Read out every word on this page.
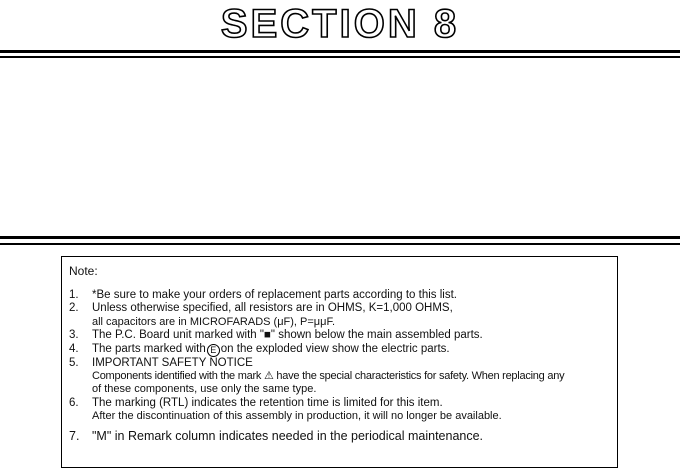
SECTION 8
Note:
1. *Be sure to make your orders of replacement parts according to this list.
2. Unless otherwise specified, all resistors are in OHMS, K=1,000 OHMS,
all capacitors are in MICROFARADS (μF), P=μμF.
3. The P.C. Board unit marked with "■" shown below the main assembled parts.
4. The parts marked with E on the exploded view show the electric parts.
5. IMPORTANT SAFETY NOTICE
Components identified with the mark ⚠ have the special characteristics for safety. When replacing any
of these components, use only the same type.
6. The marking (RTL) indicates the retention time is limited for this item.
After the discontinuation of this assembly in production, it will no longer be available.
7. "M" in Remark column indicates needed in the periodical maintenance.
